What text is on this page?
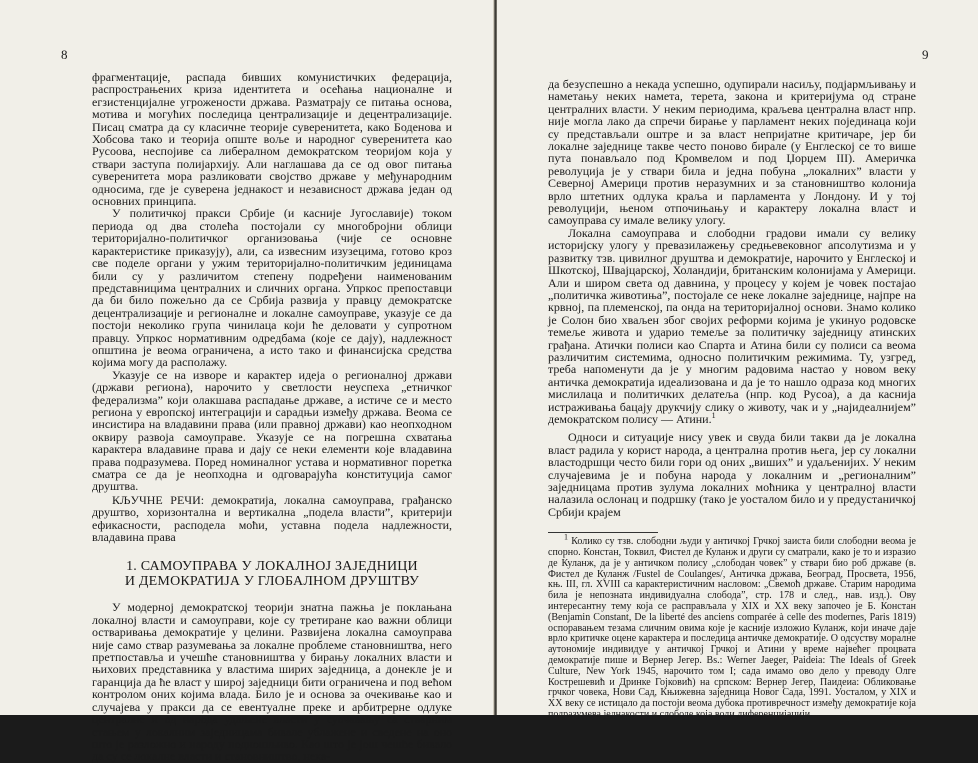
8

фрагментације, распада бивших комунистичких федерација, распрострањених криза идентитета и осећања националне и егзистенцијалне угрожености држава. Разматрају се питања основа, мотива и могућих последица централизације и децентрализације. Писац сматра да су класичне теорије суверенитета, како Боденова и Хобсова тако и теорија опште воље и народног суверенитета као Русоова, неспојиве са либералном демократском теоријом која у ствари заступа полијархију. Али наглашава да се од овог питања суверенитета мора разликовати својство државе у међународним односима, где је суверена једнакост и независност држава један од основних принципа.

У политичкој пракси Србије (и касније Југославије) током периода од два столећа постојали су многобројни облици територијално-политичког организовања (чије се основне карактеристике приказују), али, са извесним изузецима, готово кроз све поделе органи у ужим територијално-политичким јединицама били су у различитом степену подређени наименованим представницима централних и сличних органа. Упркос препоставци да би било пожељно да се Србија развија у правцу демократске децентрализације и регионалне и локалне самоуправе, указује се да постоји неколико група чинилаца који ће деловати у супротном правцу. Упркос нормативним одредбама (које се дају), надлежност општина је веома ограничена, а исто тако и финансијска средства којима могу да располажу.

Указује се на изворе и карактер идеја о регионалној држави (држави региона), нарочито у светлости неуспеха „етничког федерализма” који олакшава распадање државе, а истиче се и место региона у европској интеграцији и сарадњи између држава. Веома се инсистира на владавини права (или правној држави) као неопходном оквиру развоја самоуправе. Указује се на погрешна схватања карактера владавине права и дају се неки елементи које владавина права подразумева. Поред номиналног устава и нормативног поретка сматра се да је неопходна и одговарајућа конституција самог друштва.

КЉУЧНЕ РЕЧИ: демократија, локална самоуправа, грађанско друштво, хоризонтална и вертикална „подела власти”, критерији ефикасности, расподела моћи, уставна подела надлежности, владавина права

1. САМОУПРАВА У ЛОКАЛНОЈ ЗАЈЕДНИЦИ
И ДЕМОКРАТИЈА У ГЛОБАЛНОМ ДРУШТВУ

У модерној демократској теорији знатна пажња је поклањана локалној власти и самоуправи, које су третиране као важни облици остваривања демократије у целини. Развијена локална самоуправа није само ствар разумевања за локалне проблеме становништва, него претпоставља и учешће становништва у бирању локалних власти и њихових представника у властима ширих заједница, а донекле је и гаранција да ће власт у широј заједници бити ограничена и под већом контролом оних којима влада. Било је и основа за очекивање као и случајева у пракси да се евентуалне преке и арбитрерне одлуке централне и од народа удаљене власти у суочавању са стварним стањем у локалним заједницама бивале ублажене и сведене на оно што је разложно и народу подношљиво. Као што је још чешће бивало да су се локалне власти и становништво, нека-

9

да безуспешно а некада успешно, одупирали насиљу, подјармљивању и наметању неких намета, терета, закона и критеријума од стране централних власти. У неким периодима, краљева централна власт нпр. није могла лако да спречи бирање у парламент неких појединаца који су представљали оштре и за власт непријатне критичаре, јер би локалне заједнице такве често поново бирале (у Енглеској се то више пута понављало под Кромвелом и под Џорџем III). Америчка револуција је у ствари била и једна побуна „локалних” власти у Северној Америци против неразумних и за становништво колонија врло штетних одлука краља и парламента у Лондону. И у тој револуцији, њеном отпочињању и карактеру локална власт и самоуправа су имале велику улогу.

Локална самоуправа и слободни градови имали су велику историјску улогу у превазилажењу средњевековног апсолутизма и у развитку тзв. цивилног друштва и демократије, нарочито у Енглеској и Шкотској, Швајцарској, Холандији, британским колонијама у Америци. Али и широм света од давнина, у процесу у којем је човек постајао „политичка животиња”, постојале се неке локалне заједнице, најпре на крвној, па племенској, па онда на територијалној основи. Знамо колико је Солон био хваљен због својих реформи којима је укинуо родовске темеље живота и ударио темеље за политичку заједницу атинских грађана. Атички полиси као Спарта и Атина били су полиси са веома различитим системима, односно политичким режимима. Ту, узгред, треба напоменути да је у многим радовима настао у новом веку античка демократија идеализована и да је то нашло одраза код многих мислилаца и политичких делатеља (нпр. код Русоа), а да каснија истраживања бацају друкчију слику о животу, чак и у „најидеалнијем” демократском полису — Атини.$^1$

Односи и ситуације нису увек и свуда били такви да је локална власт радила у корист народа, а централна против њега, јер су локални властодршци често били гори од оних „виших” и удаљенијих. У неким случајевима је и побуна народа у локалним и „регионалним” заједницама против зулума локалних моћника у централној власти налазила ослонац и подршку (тако је уосталом било и у предустаничкој Србији крајем

$^1$ Колико су тзв. слободни људи у античкој Грчкој заиста били слободни веома је спорно. Констан, Токвил, Фистел де Куланж и други су сматрали, како је то и изразио де Куланж, да је у античком полису „слободан човек” у ствари био роб државе (в. Фистел де Куланж /Fustel de Coulanges/, Античка држава, Београд, Просвета, 1956, књ. III, гл. XVIII са карактеристичним насловом: „Свемоћ државе. Старим народима била је непозната индивидуална слобода”, стр. 178 и след., нав. изд.). Ову интересантну тему која се расправљала у XIX и XX веку започео је Б. Констан (Benjamin Constant, De la liberté des anciens comparée à celle des modernes, Paris 1819) оспоравањем тезама сличним овима које је касније изложио Куланж, који иначе даје врло критичке оцене карактера и последица античке демократије. О одсуству моралне аутономије индивидуе у античкој Грчкој и Атини у време највећег процвата демократије пише и Вернер Јегер. Вs.: Werner Jaeger, Paideia: The Ideals of Greek Culture, New York 1945, нарочито том I; сада имамо ово дело у преводу Олге Кострешевић и Дринке Гојковић) на српском: Вернер Јегер, Паидеиа: Обликовање грчког човека, Нови Сад, Књижевна заједница Новог Сада, 1991. Уосталом, у XIX и XX веку се истицало да постоји веома дубока противречност између демократије која подразумева једнакости и слободе која води диференцијацији.
